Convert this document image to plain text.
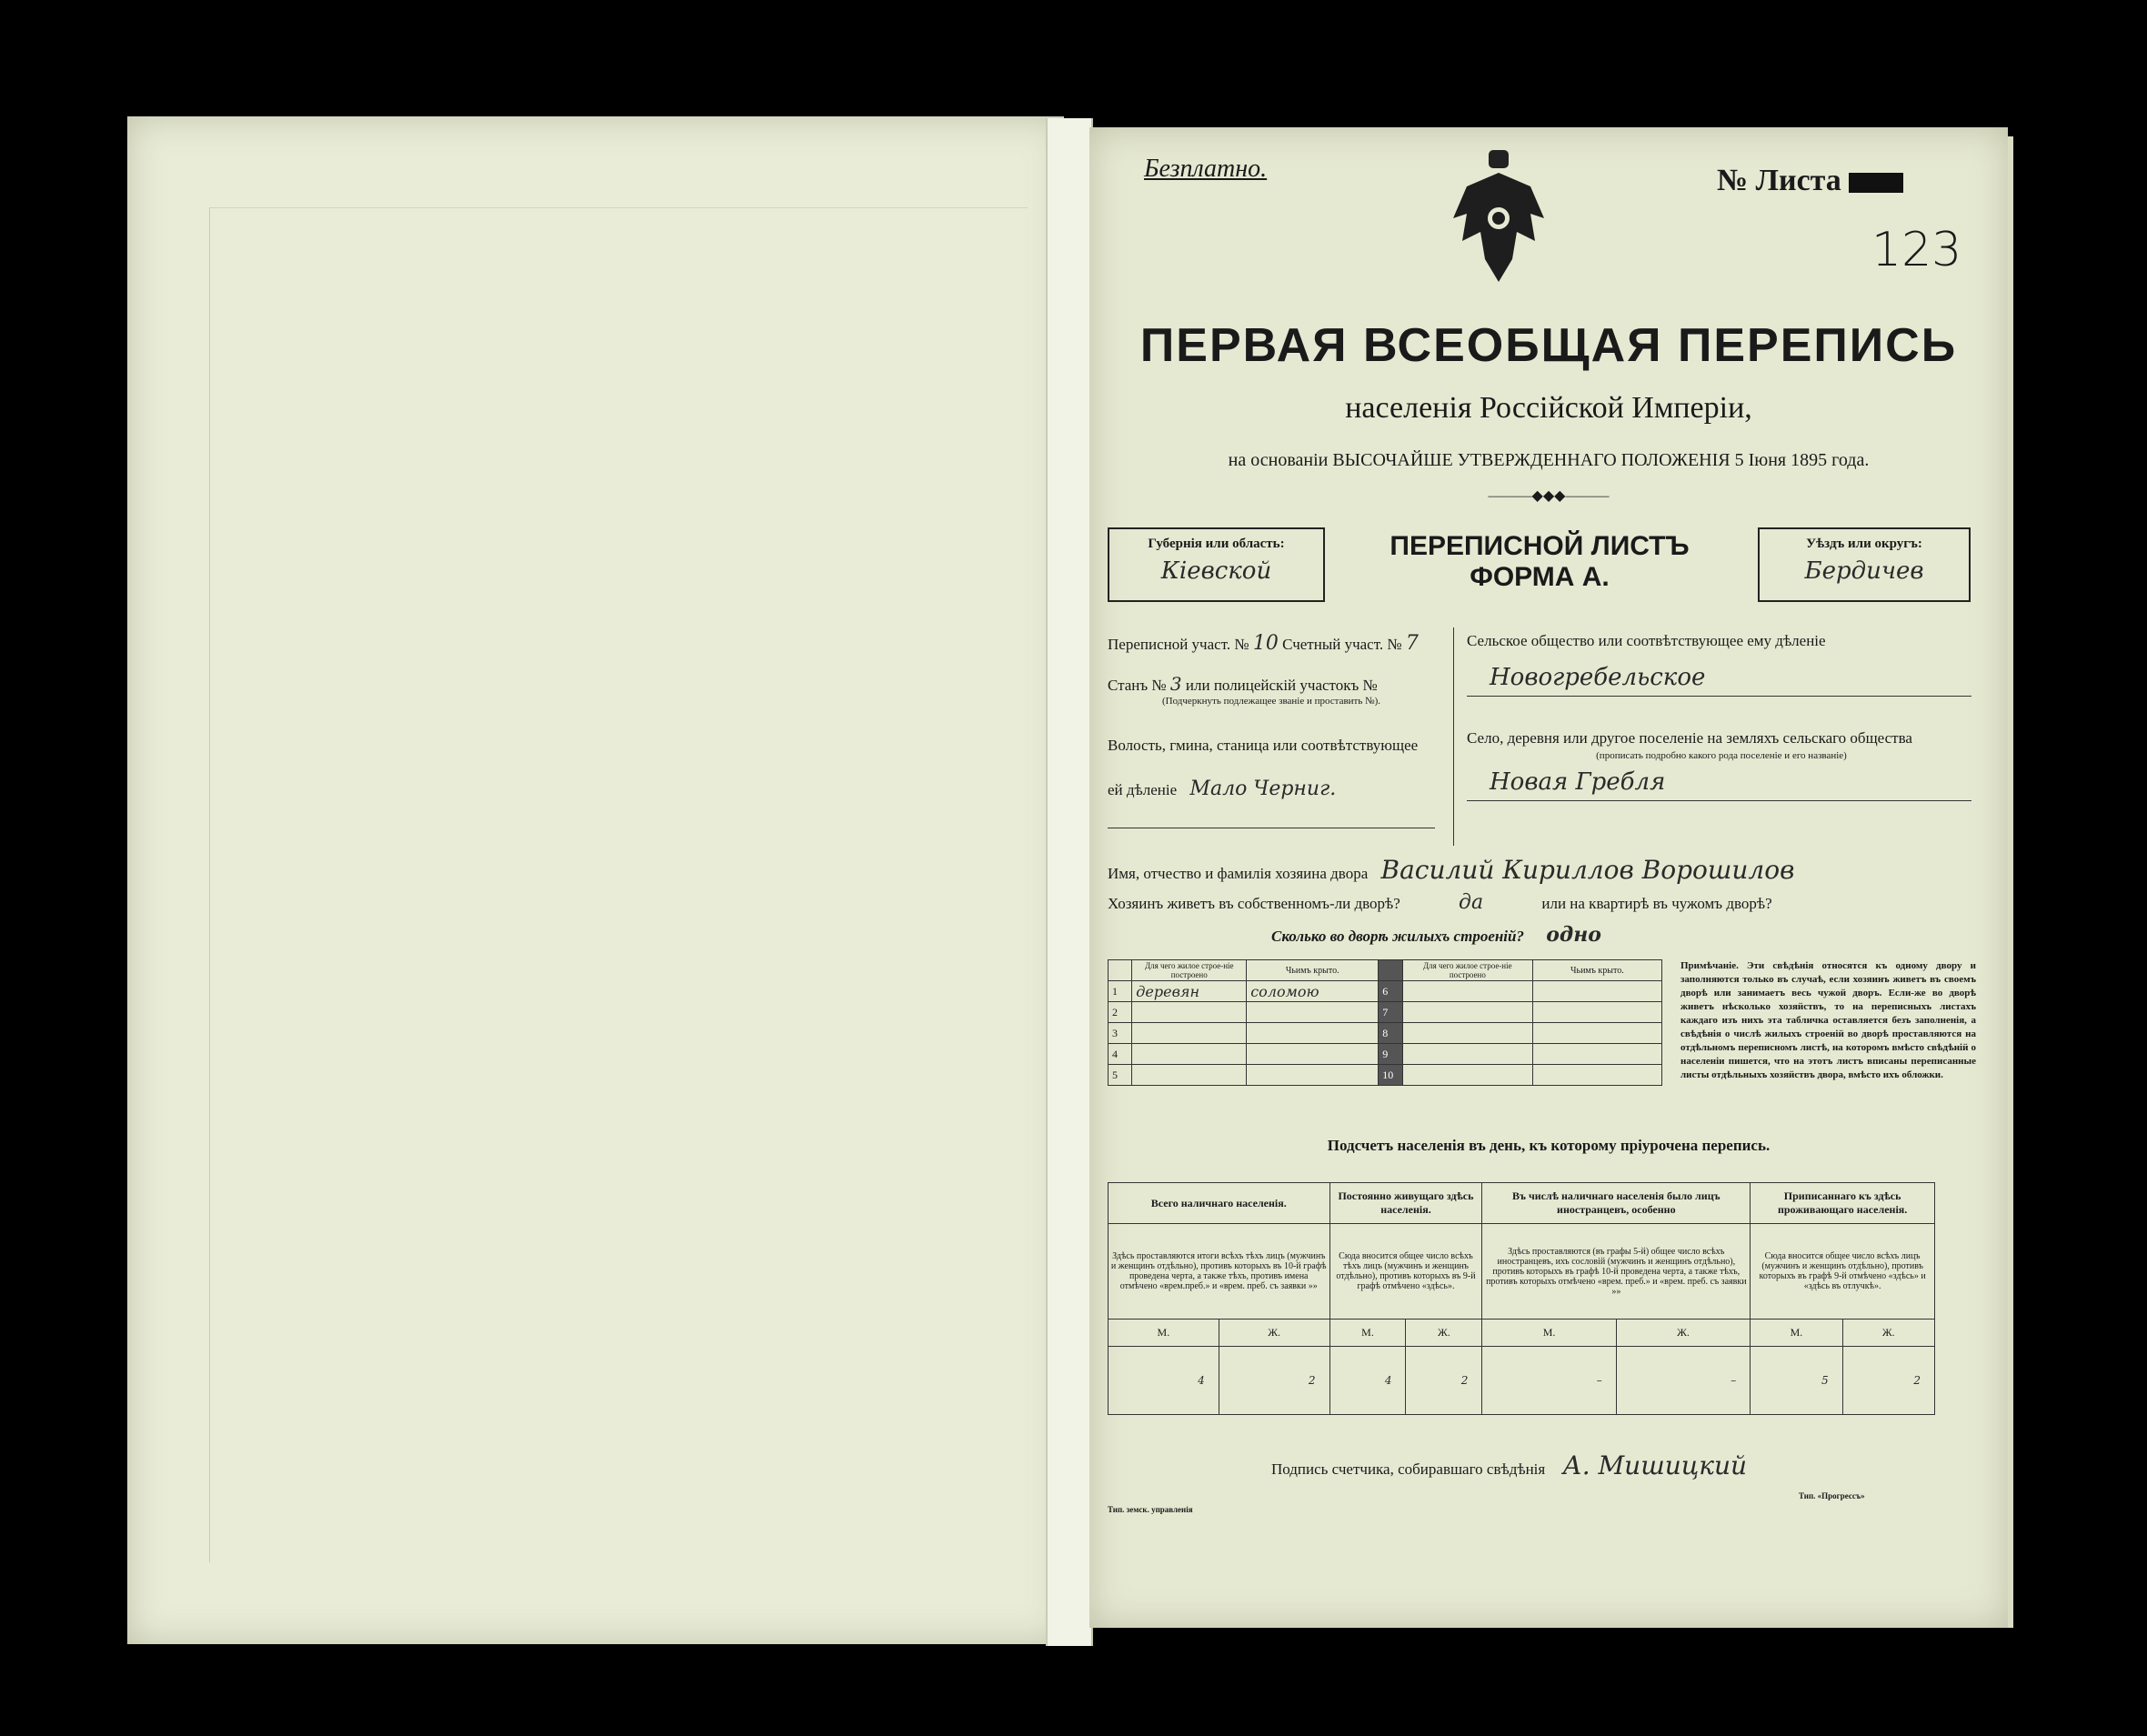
Безплатно.	№ Листа
123
ПЕРВАЯ ВСЕОБЩАЯ ПЕРЕПИСЬ
населенія Россійской Имперіи,
на основаніи ВЫСОЧАЙШЕ УТВЕРЖДЕННАГО ПОЛОЖЕНІЯ 5 Іюня 1895 года.
———◆◆◆———
Губернія или область:
Кіевской
ПЕРЕПИСНОЙ ЛИСТЪ
ФОРМА А.
Уѣздъ или округъ:
Бердичев
Переписной участ. № 10 Счетный участ. № 7
Станъ № 3 или полицейскій участокъ №
(Подчеркнуть подлежащее званіе и проставить №).
Волость, гмина, станица или соотвѣтствующее
ей дѣленіе Мало Черниг.
Сельское общество или соотвѣтствующее ему дѣленіе
Новогребельское
Село, деревня или другое поселеніе на земляхъ сельскаго общества
(прописать подробно какого рода поселеніе и его названіе)
Новая Гребля
Имя, отчество и фамилія хозяина двора Василий Кириллов Ворошилов
Хозяинъ живетъ въ собственномъ-ли дворѣ?	да	или на квартирѣ въ чужомъ дворѣ?
Сколько во дворѣ жилыхъ строеній? одно
	Для чего жилое строе-ніе построено	Чьимъ крыто.		Для чего жилое строе-ніе построено	Чьимъ крыто.
1	деревян	соломою	6		
2			7		
3			8		
4			9		
5			10		
Примѣчаніе. Эти свѣдѣнія относятся къ одному двору и заполняются только въ случаѣ, если хозяинъ живетъ въ своемъ дворѣ или занимаетъ весь чужой дворъ. Если-же во дворѣ живетъ нѣсколько хозяйствъ, то на переписныхъ листахъ каждаго изъ нихъ эта табличка оставляется безъ заполненія, а свѣдѣнія о числѣ жилыхъ строеній во дворѣ проставляются на отдѣльномъ переписномъ листѣ, на которомъ вмѣсто свѣдѣній о населеніи пишется, что на этотъ листъ вписаны переписанные листы отдѣльныхъ хозяйствъ двора, вмѣсто ихъ обложки.
Подсчетъ населенія въ день, къ которому пріурочена перепись.
Всего наличнаго населенія.		Постоянно живущаго здѣсь населенія.		Въ числѣ наличнаго населенія было лицъ иностранцевъ, особенно		Приписаннаго къ здѣсь проживающаго населенія.	
Здѣсь проставляются итоги всѣхъ тѣхъ лицъ (мужчинъ и женщинъ отдѣльно), противъ которыхъ въ 10-й графѣ проведена черта, а также тѣхъ, противъ имена отмѣчено «врем.преб.» и «врем. преб. съ заявки »»		Сюда вносится общее число всѣхъ тѣхъ лицъ (мужчинъ и женщинъ отдѣльно), противъ которыхъ въ 9-й графѣ отмѣчено «здѣсь».		Здѣсь проставляются (въ графы 5-й) общее число всѣхъ иностранцевъ, ихъ сословій (мужчинъ и женщинъ отдѣльно), противъ которыхъ въ графѣ 10-й проведена черта, а также тѣхъ, противъ которыхъ отмѣчено «врем. преб.» и «врем. преб. съ заявки »»		Сюда вносится общее число всѣхъ лицъ (мужчинъ и женщинъ отдѣльно), противъ которыхъ въ графѣ 9-й отмѣчено «здѣсь» и «здѣсь въ отлучкѣ».	
М.	Ж.	М.	Ж.	М.	Ж.	М.	Ж.
4	2	4	2	–	–	5	2
Подпись счетчика, собиравшаго свѣдѣнія А. Мишицкий
Тип. земск. управленія
Тип. «Прогрессъ»
